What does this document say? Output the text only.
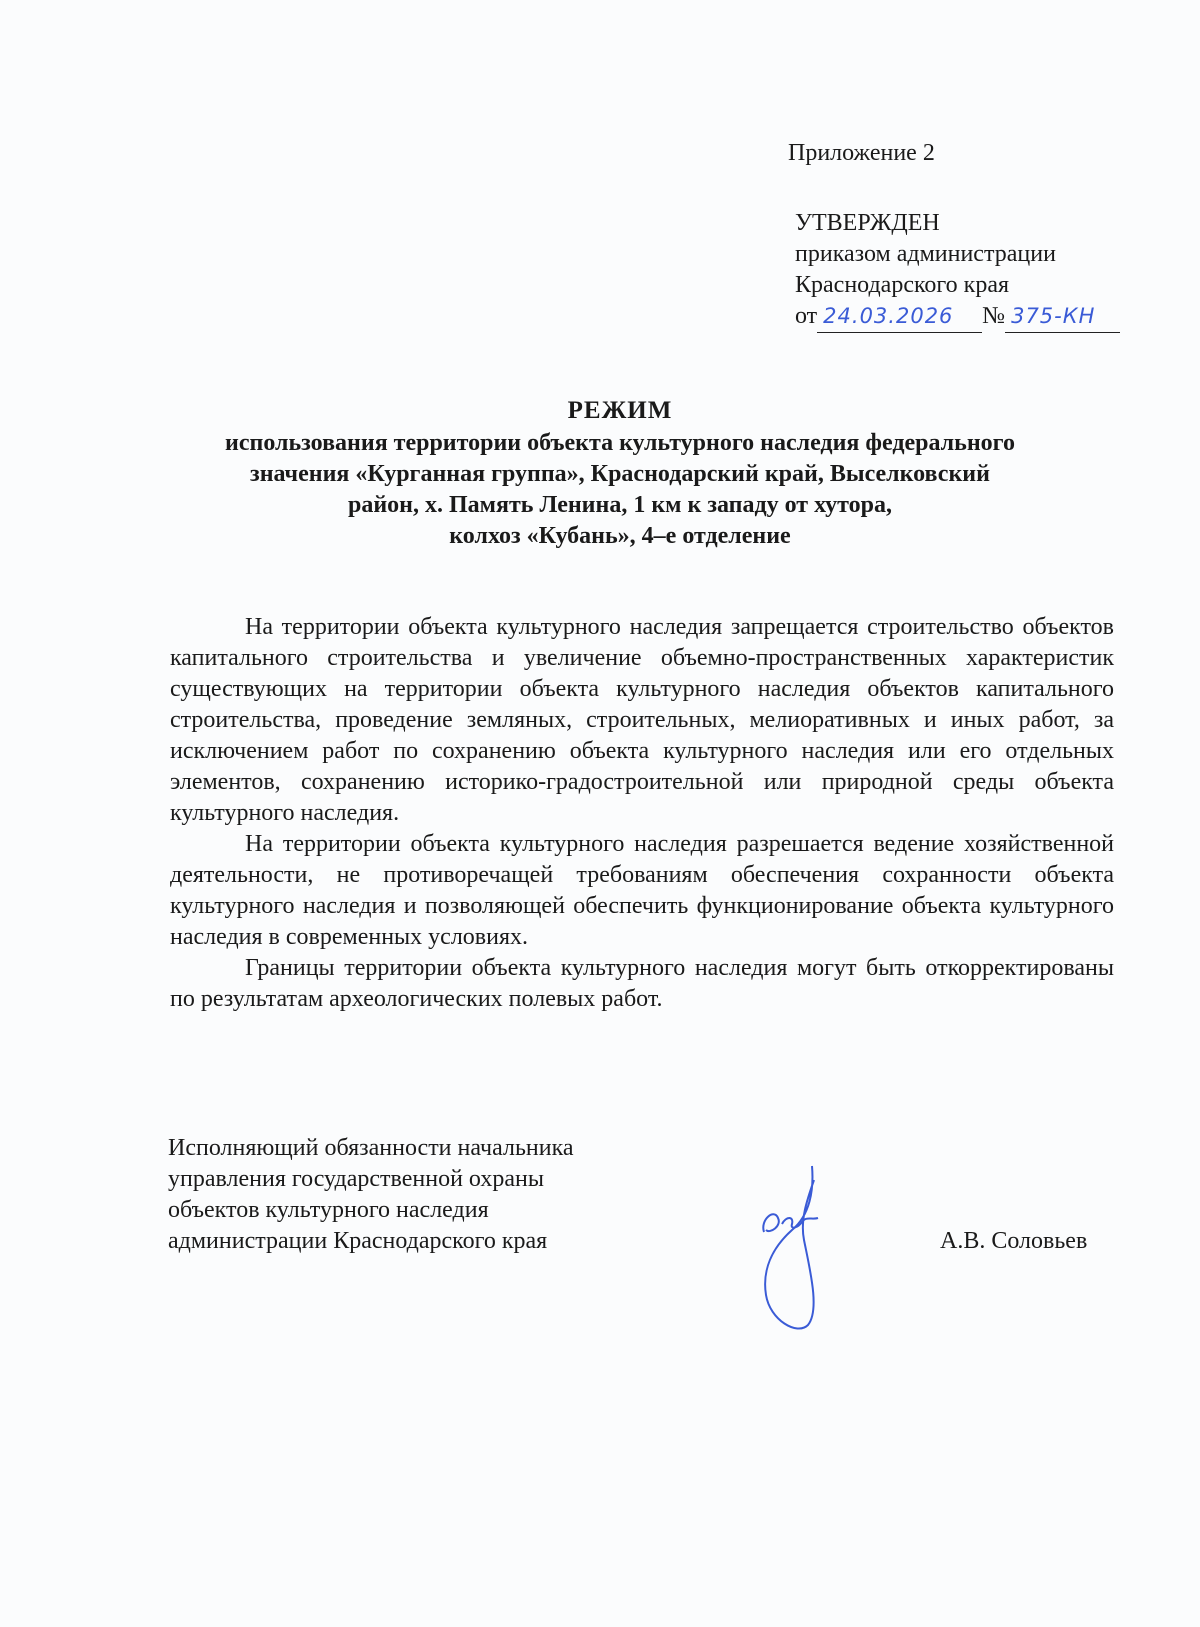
Приложение 2
УТВЕРЖДЕН
приказом администрации
Краснодарского края
от 24.03.2026 № 375-КН

РЕЖИМ
использования территории объекта культурного наследия федерального
значения «Курганная группа», Краснодарский край, Выселковский
район, х. Память Ленина, 1 км к западу от хутора,
колхоз «Кубань», 4–е отделение

На территории объекта культурного наследия запрещается строительство объектов капитального строительства и увеличение объемно-пространственных характеристик существующих на территории объекта культурного наследия объектов капитального строительства, проведение земляных, строительных, мелиоративных и иных работ, за исключением работ по сохранению объекта культурного наследия или его отдельных элементов, сохранению историко-градостроительной или природной среды объекта культурного наследия.

На территории объекта культурного наследия разрешается ведение хозяйственной деятельности, не противоречащей требованиям обеспечения сохранности объекта культурного наследия и позволяющей обеспечить функционирование объекта культурного наследия в современных условиях.

Границы территории объекта культурного наследия могут быть откорректированы по результатам археологических полевых работ.

Исполняющий обязанности начальника
управления государственной охраны
объектов культурного наследия
администрации Краснодарского края	А.В. Соловьев
